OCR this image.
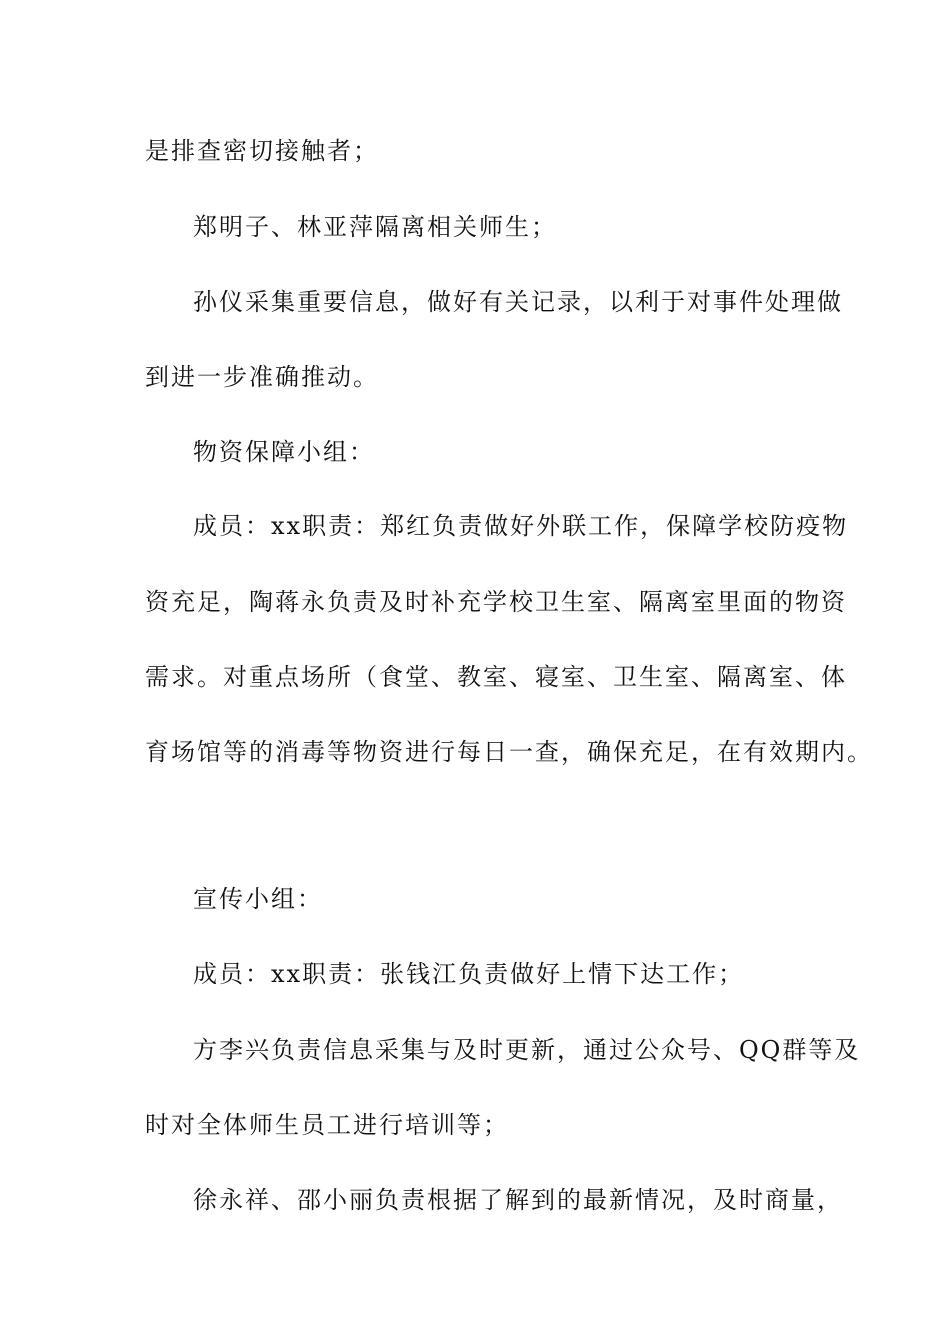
是排查密切接触者；
郑明子、林亚萍隔离相关师生；
孙仪采集重要信息，做好有关记录，以利于对事件处理做
到进一步准确推动。
物资保障小组：
成员：xx职责：郑红负责做好外联工作，保障学校防疫物
资充足，陶蒋永负责及时补充学校卫生室、隔离室里面的物资
需求。对重点场所（食堂、教室、寝室、卫生室、隔离室、体
育场馆等的消毒等物资进行每日一查，确保充足，在有效期内。
宣传小组：
成员：xx职责：张钱江负责做好上情下达工作；
方李兴负责信息采集与及时更新，通过公众号、QQ群等及
时对全体师生员工进行培训等；
徐永祥、邵小丽负责根据了解到的最新情况，及时商量，
